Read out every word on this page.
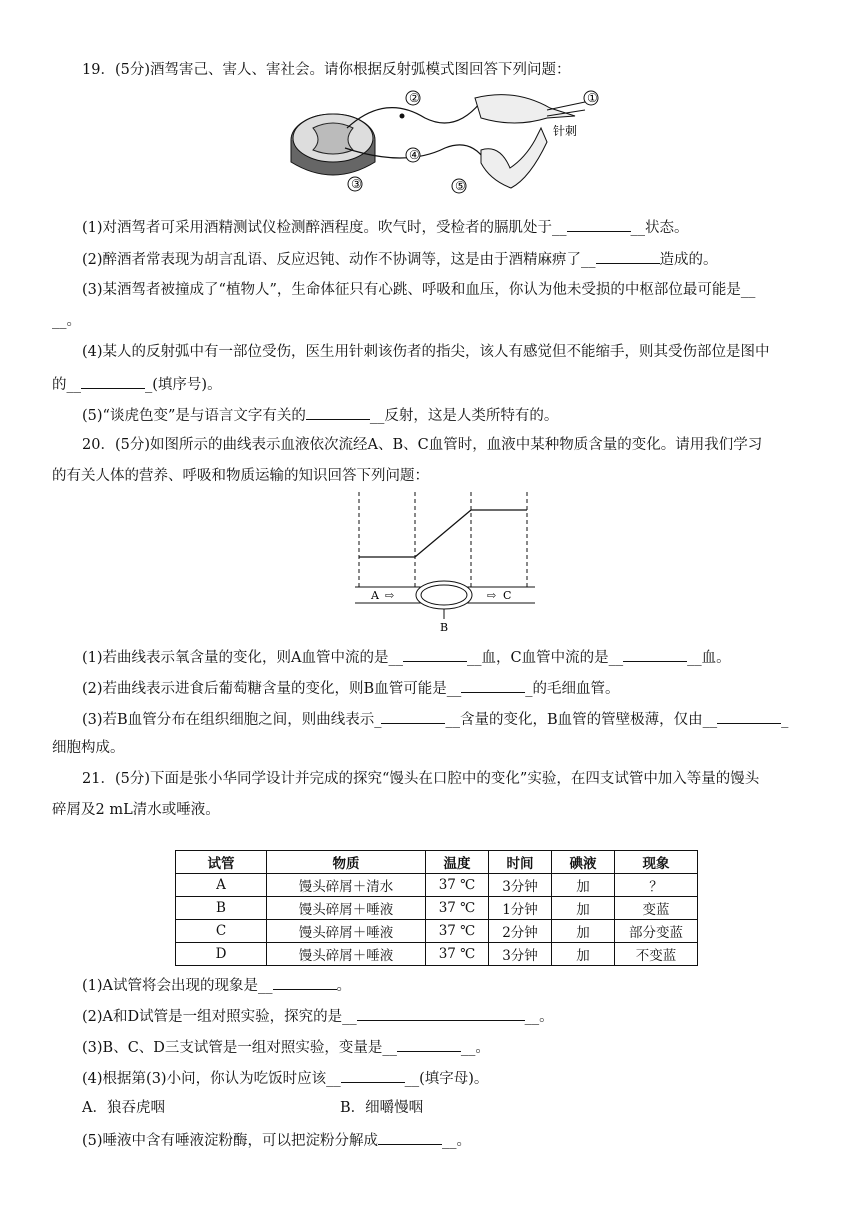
19．(5分)酒驾害己、害人、害社会。请你根据反射弧模式图回答下列问题：
②	①
针刺
④
③	⑤
(1)对酒驾者可采用酒精测试仪检测醉酒程度。吹气时，受检者的膈肌处于__	__状态。
(2)醉酒者常表现为胡言乱语、反应迟钝、动作不协调等，这是由于酒精麻痹了__	造成的。
(3)某酒驾者被撞成了“植物人”，生命体征只有心跳、呼吸和血压，你认为他未受损的中枢部位最可能是__
__。
(4)某人的反射弧中有一部位受伤，医生用针刺该伤者的指尖，该人有感觉但不能缩手，则其受伤部位是图中
的__	_(填序号)。
(5)“谈虎色变”是与语言文字有关的	__反射，这是人类所特有的。
20．(5分)如图所示的曲线表示血液依次流经A、B、C血管时，血液中某种物质含量的变化。请用我们学习
的有关人体的营养、呼吸和物质运输的知识回答下列问题：
A ⇨	⇨ C
B
(1)若曲线表示氧含量的变化，则A血管中流的是__	__血，C血管中流的是__	__血。
(2)若曲线表示进食后葡萄糖含量的变化，则B血管可能是__	_的毛细血管。
(3)若B血管分布在组织细胞之间，则曲线表示_	__含量的变化，B血管的管壁极薄，仅由__	_
细胞构成。
21．(5分)下面是张小华同学设计并完成的探究“馒头在口腔中的变化”实验，在四支试管中加入等量的馒头
碎屑及2 mL清水或唾液。
试管	物质	温度	时间	碘液	现象
A	馒头碎屑＋清水	37 ℃	3分钟	加	？
B	馒头碎屑＋唾液	37 ℃	1分钟	加	变蓝
C	馒头碎屑＋唾液	37 ℃	2分钟	加	部分变蓝
D	馒头碎屑＋唾液	37 ℃	3分钟	加	不变蓝
(1)A试管将会出现的现象是__	。
(2)A和D试管是一组对照实验，探究的是__	__。
(3)B、C、D三支试管是一组对照实验，变量是__	__。
(4)根据第(3)小问，你认为吃饭时应该__	__(填字母)。
A．狼吞虎咽	B．细嚼慢咽
(5)唾液中含有唾液淀粉酶，可以把淀粉分解成	__。
